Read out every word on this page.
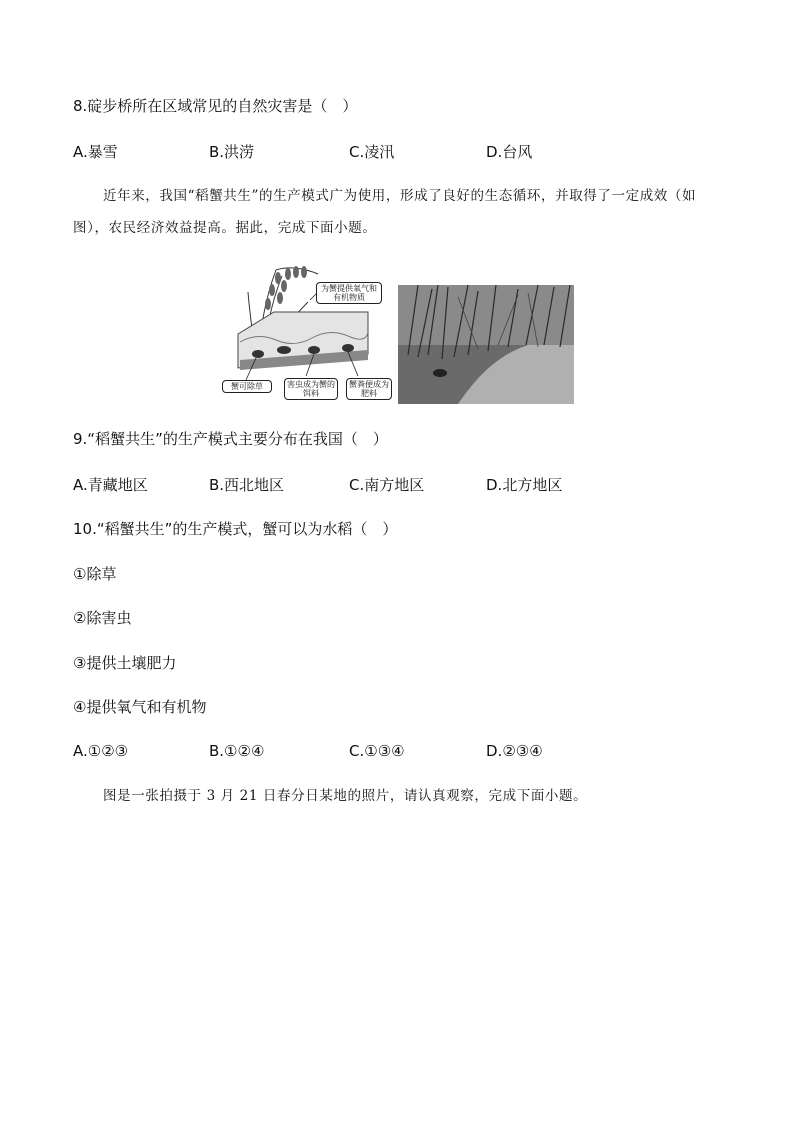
8.碇步桥所在区域常见的自然灾害是（　）
A.暴雪	B.洪涝	C.凌汛	D.台风
近年来，我国“稻蟹共生”的生产模式广为使用，形成了良好的生态循环，并取得了一定成效（如图），农民经济效益提高。据此，完成下面小题。
为蟹提供氧气和有机物质
蟹可除草	害虫成为蟹的饵料
蟹粪便成为肥料
9.“稻蟹共生”的生产模式主要分布在我国（　）
A.青藏地区	B.西北地区	C.南方地区	D.北方地区
10.“稻蟹共生”的生产模式，蟹可以为水稻（　）
①除草
②除害虫
③提供土壤肥力
④提供氧气和有机物
A.①②③	B.①②④	C.①③④	D.②③④
图是一张拍摄于 3 月 21 日春分日某地的照片，请认真观察，完成下面小题。
